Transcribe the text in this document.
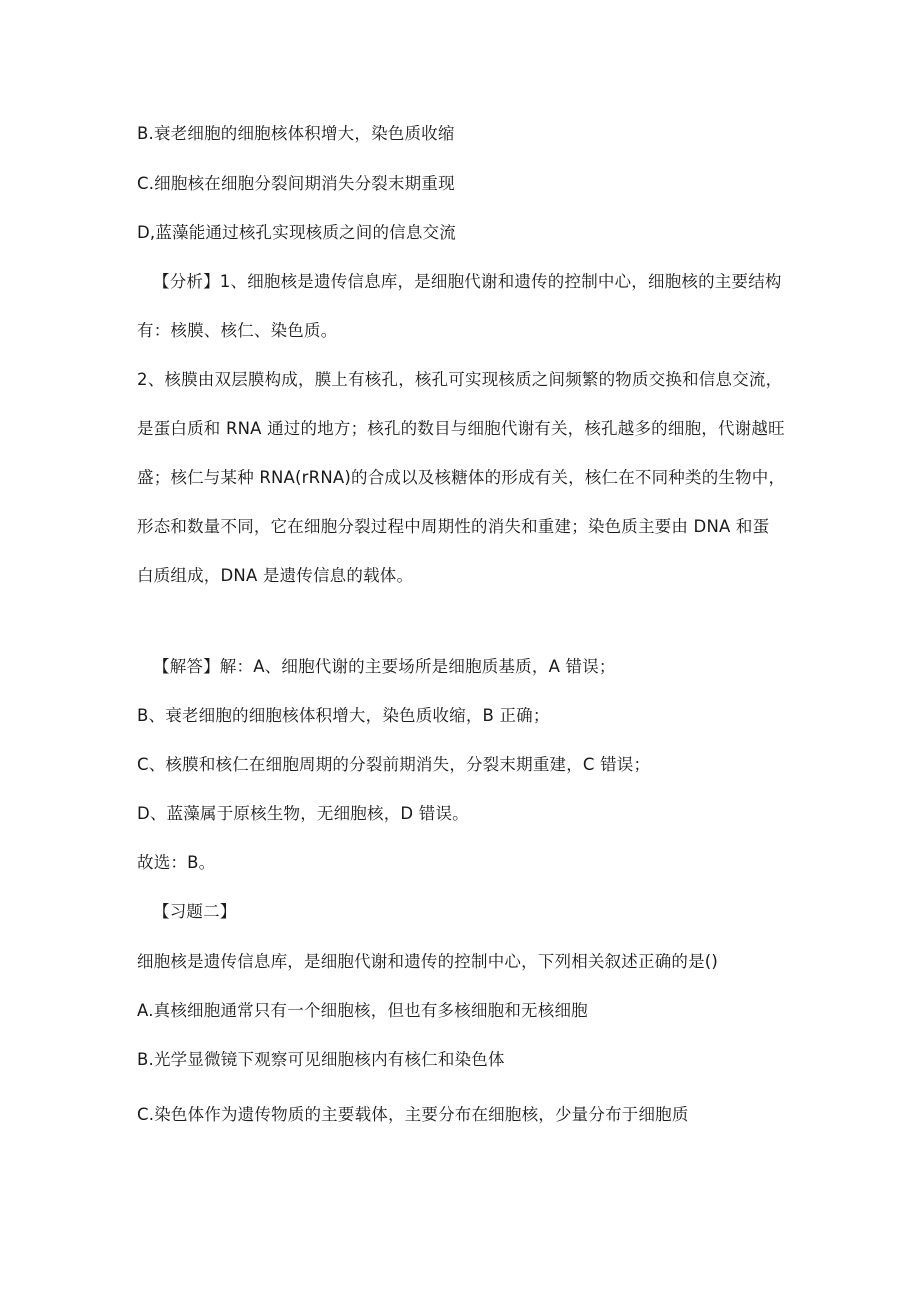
B.衰老细胞的细胞核体积增大，染色质收缩
C.细胞核在细胞分裂间期消失分裂末期重现
D,蓝藻能通过核孔实现核质之间的信息交流
【分析】1、细胞核是遗传信息库，是细胞代谢和遗传的控制中心，细胞核的主要结构
有：核膜、核仁、染色质。
2、核膜由双层膜构成，膜上有核孔，核孔可实现核质之间频繁的物质交换和信息交流，
是蛋白质和 RNA 通过的地方；核孔的数目与细胞代谢有关，核孔越多的细胞，代谢越旺
盛；核仁与某种 RNA(rRNA)的合成以及核糖体的形成有关，核仁在不同种类的生物中，
形态和数量不同，它在细胞分裂过程中周期性的消失和重建；染色质主要由 DNA 和蛋
白质组成，DNA 是遗传信息的载体。
【解答】解：A、细胞代谢的主要场所是细胞质基质，A 错误；
B、衰老细胞的细胞核体积增大，染色质收缩，B 正确；
C、核膜和核仁在细胞周期的分裂前期消失，分裂末期重建，C 错误；
D、蓝藻属于原核生物，无细胞核，D 错误。
故选：B。
【习题二】
细胞核是遗传信息库，是细胞代谢和遗传的控制中心，下列相关叙述正确的是()
A.真核细胞通常只有一个细胞核，但也有多核细胞和无核细胞
B.光学显微镜下观察可见细胞核内有核仁和染色体
C.染色体作为遗传物质的主要载体，主要分布在细胞核，少量分布于细胞质
